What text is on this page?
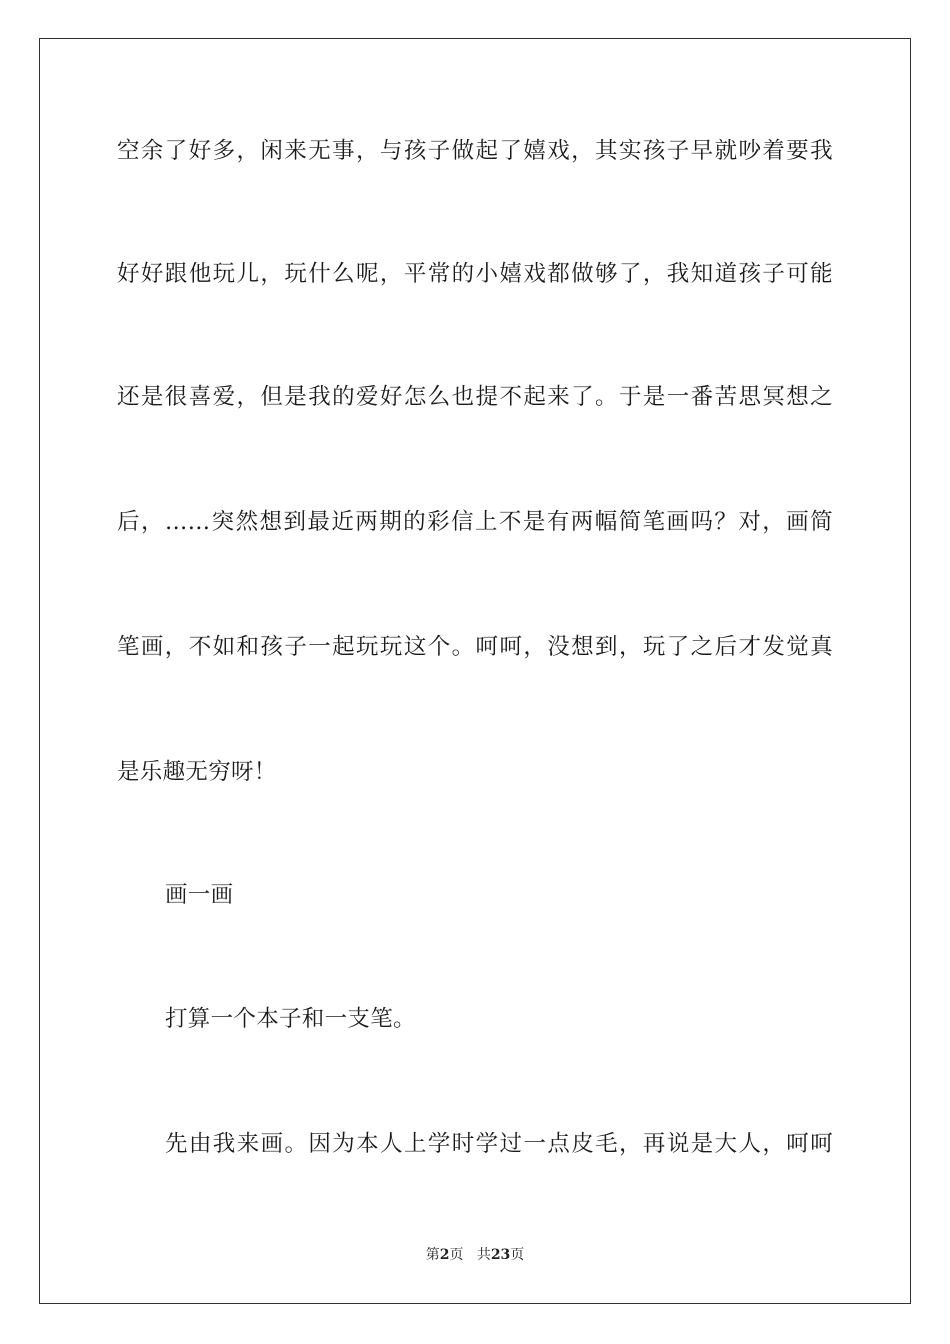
空余了好多，闲来无事，与孩子做起了嬉戏，其实孩子早就吵着要我
好好跟他玩儿，玩什么呢，平常的小嬉戏都做够了，我知道孩子可能
还是很喜爱，但是我的爱好怎么也提不起来了。于是一番苦思冥想之
后，……突然想到最近两期的彩信上不是有两幅简笔画吗？对，画简
笔画，不如和孩子一起玩玩这个。呵呵，没想到，玩了之后才发觉真
是乐趣无穷呀！
画一画
打算一个本子和一支笔。
先由我来画。因为本人上学时学过一点皮毛，再说是大人，呵呵
第2页 共23页
